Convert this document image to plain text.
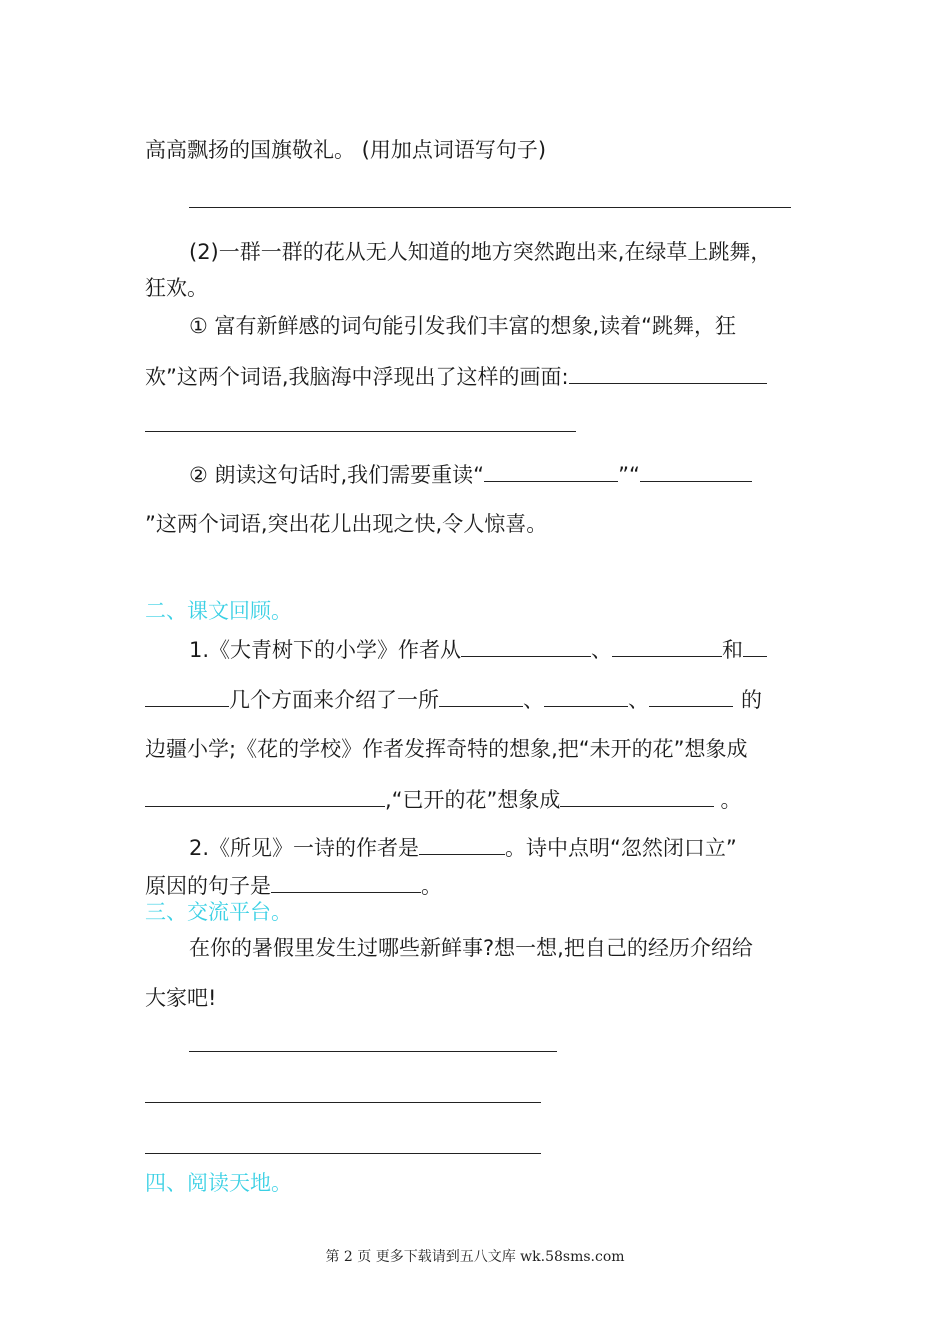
高高飘扬的国旗敬礼。 (用加点词语写句子)
(2)一群一群的花从无人知道的地方突然跑出来,在绿草上跳舞，
狂欢。
① 富有新鲜感的词句能引发我们丰富的想象,读着“跳舞，狂
欢”这两个词语,我脑海中浮现出了这样的画面:
② 朗读这句话时,我们需要重读“	”“
”这两个词语,突出花儿出现之快,令人惊喜。
二、课文回顾。
1.《大青树下的小学》作者从	、	和
几个方面来介绍了一所	、	、	的
边疆小学;《花的学校》作者发挥奇特的想象,把“未开的花”想象成
,“已开的花”想象成	。
2.《所见》一诗的作者是	。诗中点明“忽然闭口立”
原因的句子是	。
三、交流平台。
在你的暑假里发生过哪些新鲜事?想一想,把自己的经历介绍给
大家吧!
四、阅读天地。
第 2 页 更多下载请到五八文库 wk.58sms.com
